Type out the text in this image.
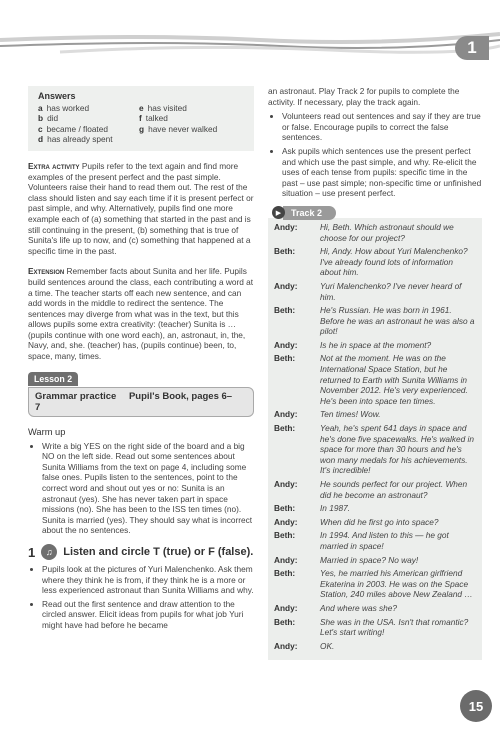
1
Answers
a has worked	e has visited
b did	f talked
c became / floated	g have never walked
d has already spent

Extra activity Pupils refer to the text again and find more examples of the present perfect and the past simple. Volunteers raise their hand to read them out. The rest of the class should listen and say each time if it is present perfect or past simple, and why. Alternatively, pupils find one more example each of (a) something that started in the past and is still continuing in the present, (b) something that is true of Sunita's life up to now, and (c) something that happened at a specific time in the past.

Extension Remember facts about Sunita and her life. Pupils build sentences around the class, each contributing a word at a time. The teacher starts off each new sentence, and can add words in the middle to redirect the sentence. The sentences may diverge from what was in the text, but this allows pupils some extra creativity: (teacher) Sunita is … (pupils continue with one word each), an, astronaut, in, the, Navy, and, she. (teacher) has, (pupils continue) been, to, space, many, times.

Lesson 2
Grammar practice Pupil's Book, pages 6–7
Warm up
• Write a big YES on the right side of the board and a big NO on the left side. Read out some sentences about Sunita Williams from the text on page 4, including some false ones. Pupils listen to the sentences, point to the correct word and shout out yes or no: Sunita is an astronaut (yes). She has never taken part in space missions (no). She has been to the ISS ten times (no). Sunita is married (yes). They should say what is incorrect about the no sentences.
1	♫ Listen and circle T (true) or F (false).
• Pupils look at the pictures of Yuri Malenchenko. Ask them where they think he is from, if they think he is a more or less experienced astronaut than Sunita Williams and why.
• Read out the first sentence and draw attention to the circled answer. Elicit ideas from pupils for what job Yuri might have had before he became

an astronaut. Play Track 2 for pupils to complete the activity. If necessary, play the track again.

• Volunteers read out sentences and say if they are true or false. Encourage pupils to correct the false sentences.
• Ask pupils which sentences use the present perfect and which use the past simple, and why. Re-elicit the uses of each tense from pupils: specific time in the past – use past simple; non-specific time or unfinished situation – use present perfect.
▶	Track 2
Andy:	Hi, Beth. Which astronaut should we choose for our project?
Beth:	Hi, Andy. How about Yuri Malenchenko? I've already found lots of information about him.
Andy:	Yuri Malenchenko? I've never heard of him.
Beth:	He's Russian. He was born in 1961. Before he was an astronaut he was also a pilot!
Andy:	Is he in space at the moment?
Beth:	Not at the moment. He was on the International Space Station, but he returned to Earth with Sunita Williams in November 2012. He's very experienced. He's been into space ten times.
Andy:	Ten times! Wow.
Beth:	Yeah, he's spent 641 days in space and he's done five spacewalks. He's walked in space for more than 30 hours and he's won many medals for his achievements. It's incredible!
Andy:	He sounds perfect for our project. When did he become an astronaut?
Beth:	In 1987.
Andy:	When did he first go into space?
Beth:	In 1994. And listen to this — he got married in space!
Andy:	Married in space? No way!
Beth:	Yes, he married his American girlfriend Ekaterina in 2003. He was on the Space Station, 240 miles above New Zealand …
Andy:	And where was she?
Beth:	She was in the USA. Isn't that romantic? Let's start writing!
Andy:	OK.
15
